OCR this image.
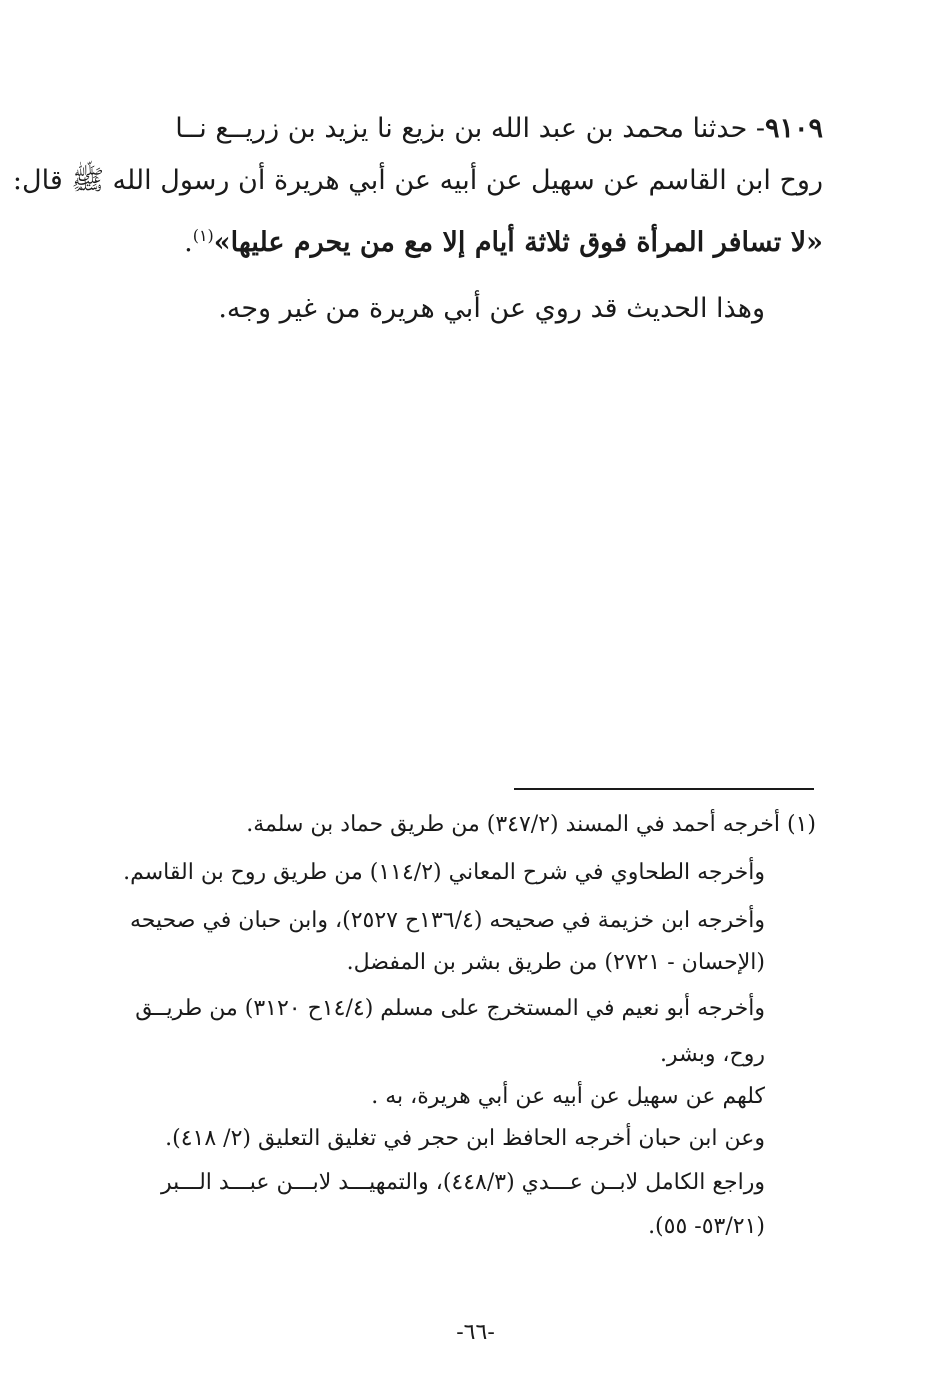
٩١٠٩- حدثنا محمد بن عبد الله بن بزيع نا يزيد بن زريــع نــا
روح ابن القاسم عن سهيل عن أبيه عن أبي هريرة أن رسول الله ﷺ قال:
«لا تسافر المرأة فوق ثلاثة أيام إلا مع من يحرم عليها»$^{(١)}$.
وهذا الحديث قد روي عن أبي هريرة من غير وجه.
(١) أخرجه أحمد في المسند (٣٤٧/٢) من طريق حماد بن سلمة.
وأخرجه الطحاوي في شرح المعاني (١١٤/٢) من طريق روح بن القاسم.
وأخرجه ابن خزيمة في صحيحه (١٣٦/٤ح ٢٥٢٧)، وابن حبان في صحيحه
(الإحسان - ٢٧٢١) من طريق بشر بن المفضل.
وأخرجه أبو نعيم في المستخرج على مسلم (١٤/٤ح ٣١٢٠) من طريــق
روح، وبشر.
كلهم عن سهيل عن أبيه عن أبي هريرة، به .
وعن ابن حبان أخرجه الحافظ ابن حجر في تغليق التعليق (٢/ ٤١٨).
وراجع الكامل لابــن عـــدي (٤٤٨/٣)، والتمهيـــد لابـــن عبـــد الـــبر
(٥٣/٢١- ٥٥).
-٦٦-
